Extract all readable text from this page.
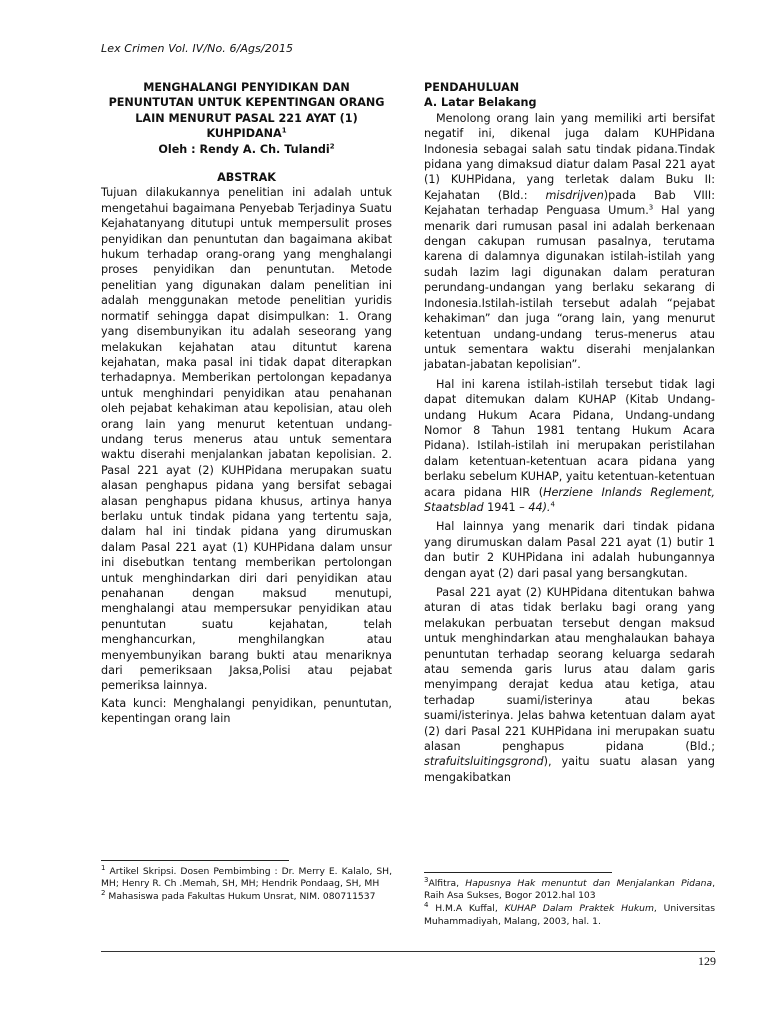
Lex Crimen Vol. IV/No. 6/Ags/2015
MENGHALANGI PENYIDIKAN DAN
PENUNTUTAN UNTUK KEPENTINGAN ORANG
LAIN MENURUT PASAL 221 AYAT (1)
KUHPIDANA$^1$
Oleh : Rendy A. Ch. Tulandi$^2$
ABSTRAK

Tujuan dilakukannya penelitian ini adalah untuk mengetahui bagaimana Penyebab Terjadinya Suatu Kejahatanyang ditutupi untuk mempersulit proses penyidikan dan penuntutan dan bagaimana akibat hukum terhadap orang-orang yang menghalangi proses penyidikan dan penuntutan. Metode penelitian yang digunakan dalam penelitian ini adalah menggunakan metode penelitian yuridis normatif sehingga dapat disimpulkan: 1. Orang yang disembunyikan itu adalah seseorang yang melakukan kejahatan atau dituntut karena kejahatan, maka pasal ini tidak dapat diterapkan terhadapnya. Memberikan pertolongan kepadanya untuk menghindari penyidikan atau penahanan oleh pejabat kehakiman atau kepolisian, atau oleh orang lain yang menurut ketentuan undang-undang terus menerus atau untuk sementara waktu diserahi menjalankan jabatan kepolisian. 2. Pasal 221 ayat (2) KUHPidana merupakan suatu alasan penghapus pidana yang bersifat sebagai alasan penghapus pidana khusus, artinya hanya berlaku untuk tindak pidana yang tertentu saja, dalam hal ini tindak pidana yang dirumuskan dalam Pasal 221 ayat (1) KUHPidana dalam unsur ini disebutkan tentang memberikan pertolongan untuk menghindarkan diri dari penyidikan atau penahanan dengan maksud menutupi, menghalangi atau mempersukar penyidikan atau penuntutan suatu kejahatan, telah menghancurkan, menghilangkan atau menyembunyikan barang bukti atau menariknya dari pemeriksaan Jaksa,Polisi atau pejabat pemeriksa lainnya.

Kata kunci: Menghalangi penyidikan, penuntutan, kepentingan orang lain

PENDAHULUAN
A. Latar Belakang

Menolong orang lain yang memiliki arti bersifat negatif ini, dikenal juga dalam KUHPidana Indonesia sebagai salah satu tindak pidana.Tindak pidana yang dimaksud diatur dalam Pasal 221 ayat (1) KUHPidana, yang terletak dalam Buku II: Kejahatan (Bld.: misdrijven)pada Bab VIII: Kejahatan terhadap Penguasa Umum.$^3$ Hal yang menarik dari rumusan pasal ini adalah berkenaan dengan cakupan rumusan pasalnya, terutama karena di dalamnya digunakan istilah-istilah yang sudah lazim lagi digunakan dalam peraturan perundang-undangan yang berlaku sekarang di Indonesia.Istilah-istilah tersebut adalah “pejabat kehakiman” dan juga “orang lain, yang menurut ketentuan undang-undang terus-menerus atau untuk sementara waktu diserahi menjalankan jabatan-jabatan kepolisian”.

Hal ini karena istilah-istilah tersebut tidak lagi dapat ditemukan dalam KUHAP (Kitab Undang-undang Hukum Acara Pidana, Undang-undang Nomor 8 Tahun 1981 tentang Hukum Acara Pidana). Istilah-istilah ini merupakan peristilahan dalam ketentuan-ketentuan acara pidana yang berlaku sebelum KUHAP, yaitu ketentuan-ketentuan acara pidana HIR (Herziene Inlands Reglement, Staatsblad 1941 – 44).$^4$

Hal lainnya yang menarik dari tindak pidana yang dirumuskan dalam Pasal 221 ayat (1) butir 1 dan butir 2 KUHPidana ini adalah hubungannya dengan ayat (2) dari pasal yang bersangkutan.

Pasal 221 ayat (2) KUHPidana ditentukan bahwa aturan di atas tidak berlaku bagi orang yang melakukan perbuatan tersebut dengan maksud untuk menghindarkan atau menghalaukan bahaya penuntutan terhadap seorang keluarga sedarah atau semenda garis lurus atau dalam garis menyimpang derajat kedua atau ketiga, atau terhadap suami/isterinya atau bekas suami/isterinya. Jelas bahwa ketentuan dalam ayat (2) dari Pasal 221 KUHPidana ini merupakan suatu alasan penghapus pidana (Bld.; strafuitsluitingsgrond), yaitu suatu alasan yang mengakibatkan

$^1$ Artikel Skripsi. Dosen Pembimbing : Dr. Merry E. Kalalo, SH, MH; Henry R. Ch .Memah, SH, MH; Hendrik Pondaag, SH, MH

$^2$ Mahasiswa pada Fakultas Hukum Unsrat, NIM. 080711537

$^3$Alfitra, Hapusnya Hak menuntut dan Menjalankan Pidana, Raih Asa Sukses, Bogor 2012.hal 103

$^4$ H.M.A Kuffal, KUHAP Dalam Praktek Hukum, Universitas Muhammadiyah, Malang, 2003, hal. 1.

129
